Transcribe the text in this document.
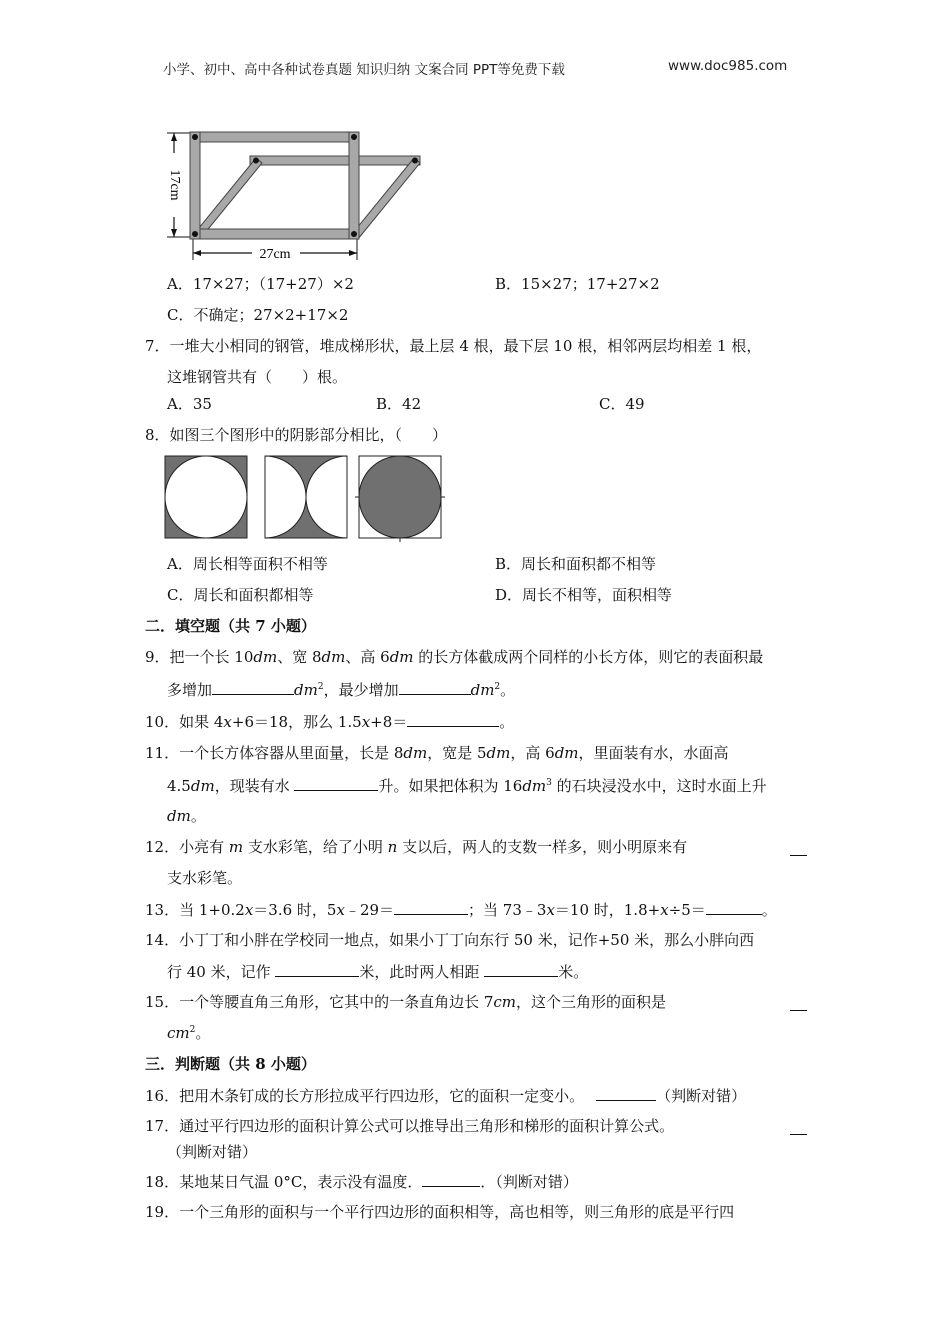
小学、初中、高中各种试卷真题 知识归纳 文案合同 PPT等免费下载	www.doc985.com
17cm
27cm
A．17×27；（17+27）×2	B．15×27；17+27×2
C．不确定；27×2+17×2
7．一堆大小相同的钢管，堆成梯形状，最上层 4 根，最下层 10 根，相邻两层均相差 1 根，
这堆钢管共有（　　）根。
A．35	B．42	C．49
8．如图三个图形中的阴影部分相比，（　　）
A．周长相等面积不相等	B．周长和面积都不相等
C．周长和面积都相等	D．周长不相等，面积相等
二．填空题（共 7 小题）
9．把一个长 10dm、宽 8dm、高 6dm 的长方体截成两个同样的小长方体，则它的表面积最
多增加	$dm^2$，最少增加	$dm^2$。
10．如果 4x+6＝18，那么 1.5x+8＝	。
11．一个长方体容器从里面量，长是 8dm，宽是 5dm，高 6dm，里面装有水，水面高
4.5dm，现装有水	升。如果把体积为 $16dm^3$ 的石块浸没水中，这时水面上升
dm。
12．小亮有 m 支水彩笔，给了小明 n 支以后，两人的支数一样多，则小明原来有
支水彩笔。
13．当 1+0.2x＝3.6 时，5x﹣29＝	；当 73﹣3x＝10 时，1.8+x÷5＝	。
14．小丁丁和小胖在学校同一地点，如果小丁丁向东行 50 米，记作+50 米，那么小胖向西
行 40 米，记作	米，此时两人相距	米。
15．一个等腰直角三角形，它其中的一条直角边长 7cm，这个三角形的面积是
$cm^2$。
三．判断题（共 8 小题）
16．把用木条钉成的长方形拉成平行四边形，它的面积一定变小。	（判断对错）
17．通过平行四边形的面积计算公式可以推导出三角形和梯形的面积计算公式。
（判断对错）
18．某地某日气温 0°C，表示没有温度．	．（判断对错）
19．一个三角形的面积与一个平行四边形的面积相等，高也相等，则三角形的底是平行四
